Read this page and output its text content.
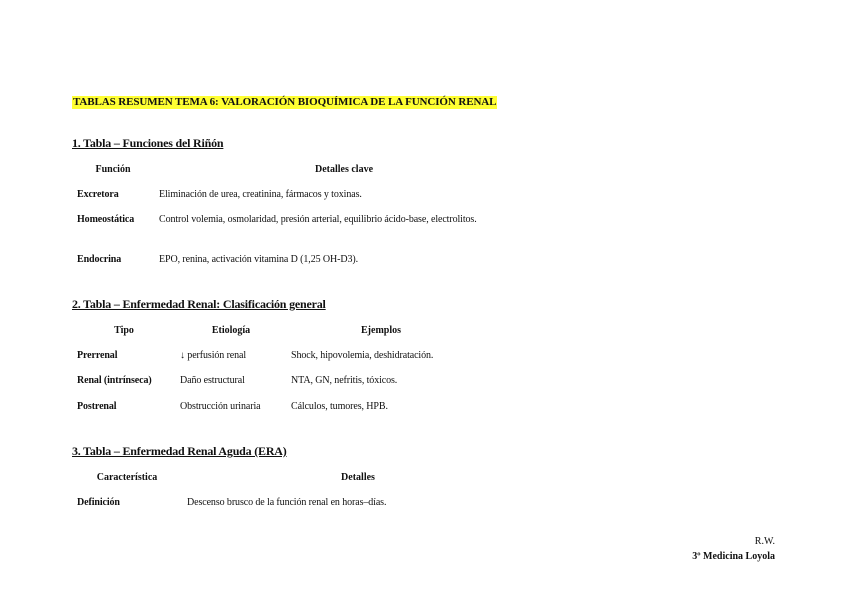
TABLAS RESUMEN TEMA 6: VALORACIÓN BIOQUÍMICA DE LA FUNCIÓN RENAL
1. Tabla – Funciones del Riñón
Función	Detalles clave
Excretora	Eliminación de urea, creatinina, fármacos y toxinas.
Homeostática Control volemia, osmolaridad, presión arterial, equilibrio ácido-base, electrolitos.
Endocrina	EPO, renina, activación vitamina D (1,25 OH-D3).
2. Tabla – Enfermedad Renal: Clasificación general
Tipo	Etiología	Ejemplos
Prerrenal	↓ perfusión renal	Shock, hipovolemia, deshidratación.
Renal (intrínseca)	Daño estructural	NTA, GN, nefritis, tóxicos.
Postrenal	Obstrucción urinaria	Cálculos, tumores, HPB.
3. Tabla – Enfermedad Renal Aguda (ERA)
Característica	Detalles
Definición	Descenso brusco de la función renal en horas–días.
R.W.
3º Medicina Loyola
